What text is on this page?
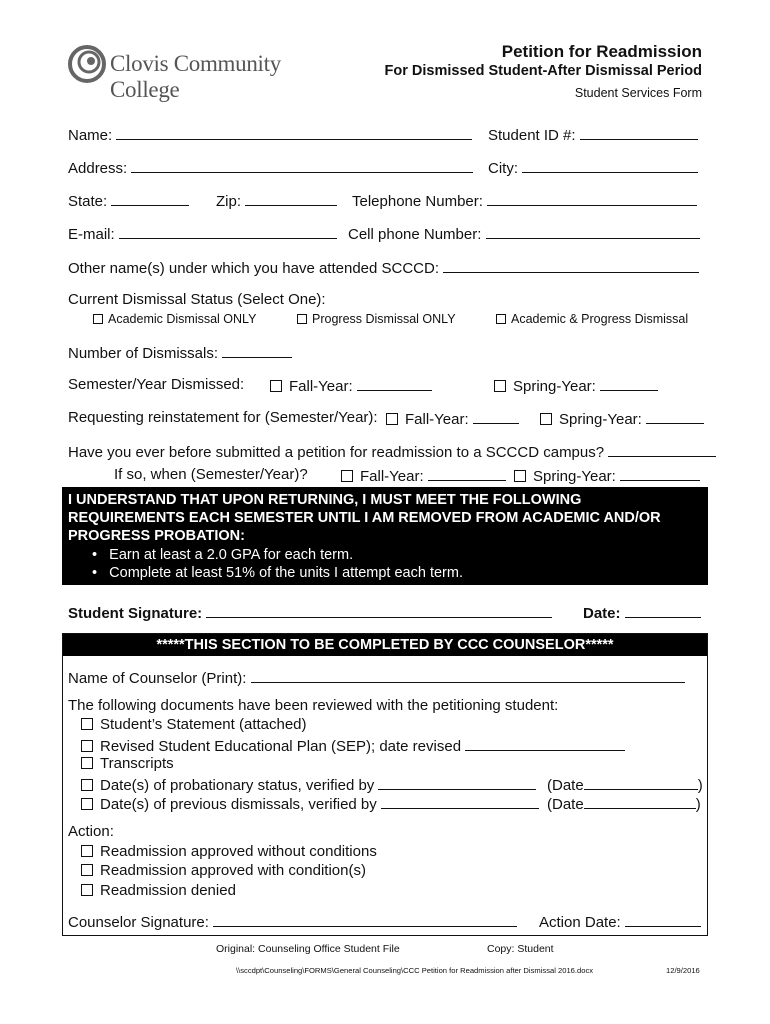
Clovis Community College
Petition for Readmission
For Dismissed Student-After Dismissal Period
Student Services Form
Name:	Student ID #:
Address:	City:
State:	Zip:	Telephone Number:
E-mail:	Cell phone Number:
Other name(s) under which you have attended SCCCD:
Current Dismissal Status (Select One):
Academic Dismissal ONLY	Progress Dismissal ONLY	Academic & Progress Dismissal
Number of Dismissals:
Semester/Year Dismissed:	Fall-Year:	Spring-Year:
Requesting reinstatement for (Semester/Year):	Fall-Year:	Spring-Year:
Have you ever before submitted a petition for readmission to a SCCCD campus?
If so, when (Semester/Year)?	Fall-Year:	Spring-Year:
I UNDERSTAND THAT UPON RETURNING, I MUST MEET THE FOLLOWING
REQUIREMENTS EACH SEMESTER UNTIL I AM REMOVED FROM ACADEMIC AND/OR
PROGRESS PROBATION:
• Earn at least a 2.0 GPA for each term.
• Complete at least 51% of the units I attempt each term.
Student Signature:	Date:
*****THIS SECTION TO BE COMPLETED BY CCC COUNSELOR*****
Name of Counselor (Print):
The following documents have been reviewed with the petitioning student:
Student’s Statement (attached)
Revised Student Educational Plan (SEP); date revised
Transcripts
Date(s) of probationary status, verified by	(Date	)
Date(s) of previous dismissals, verified by	(Date	)
Action:
Readmission approved without conditions
Readmission approved with condition(s)
Readmission denied
Counselor Signature:	Action Date:
Original: Counseling Office Student File	Copy: Student
\\sccdpt\Counseling\FORMS\General Counseling\CCC Petition for Readmission after Dismissal 2016.docx	12/9/2016
